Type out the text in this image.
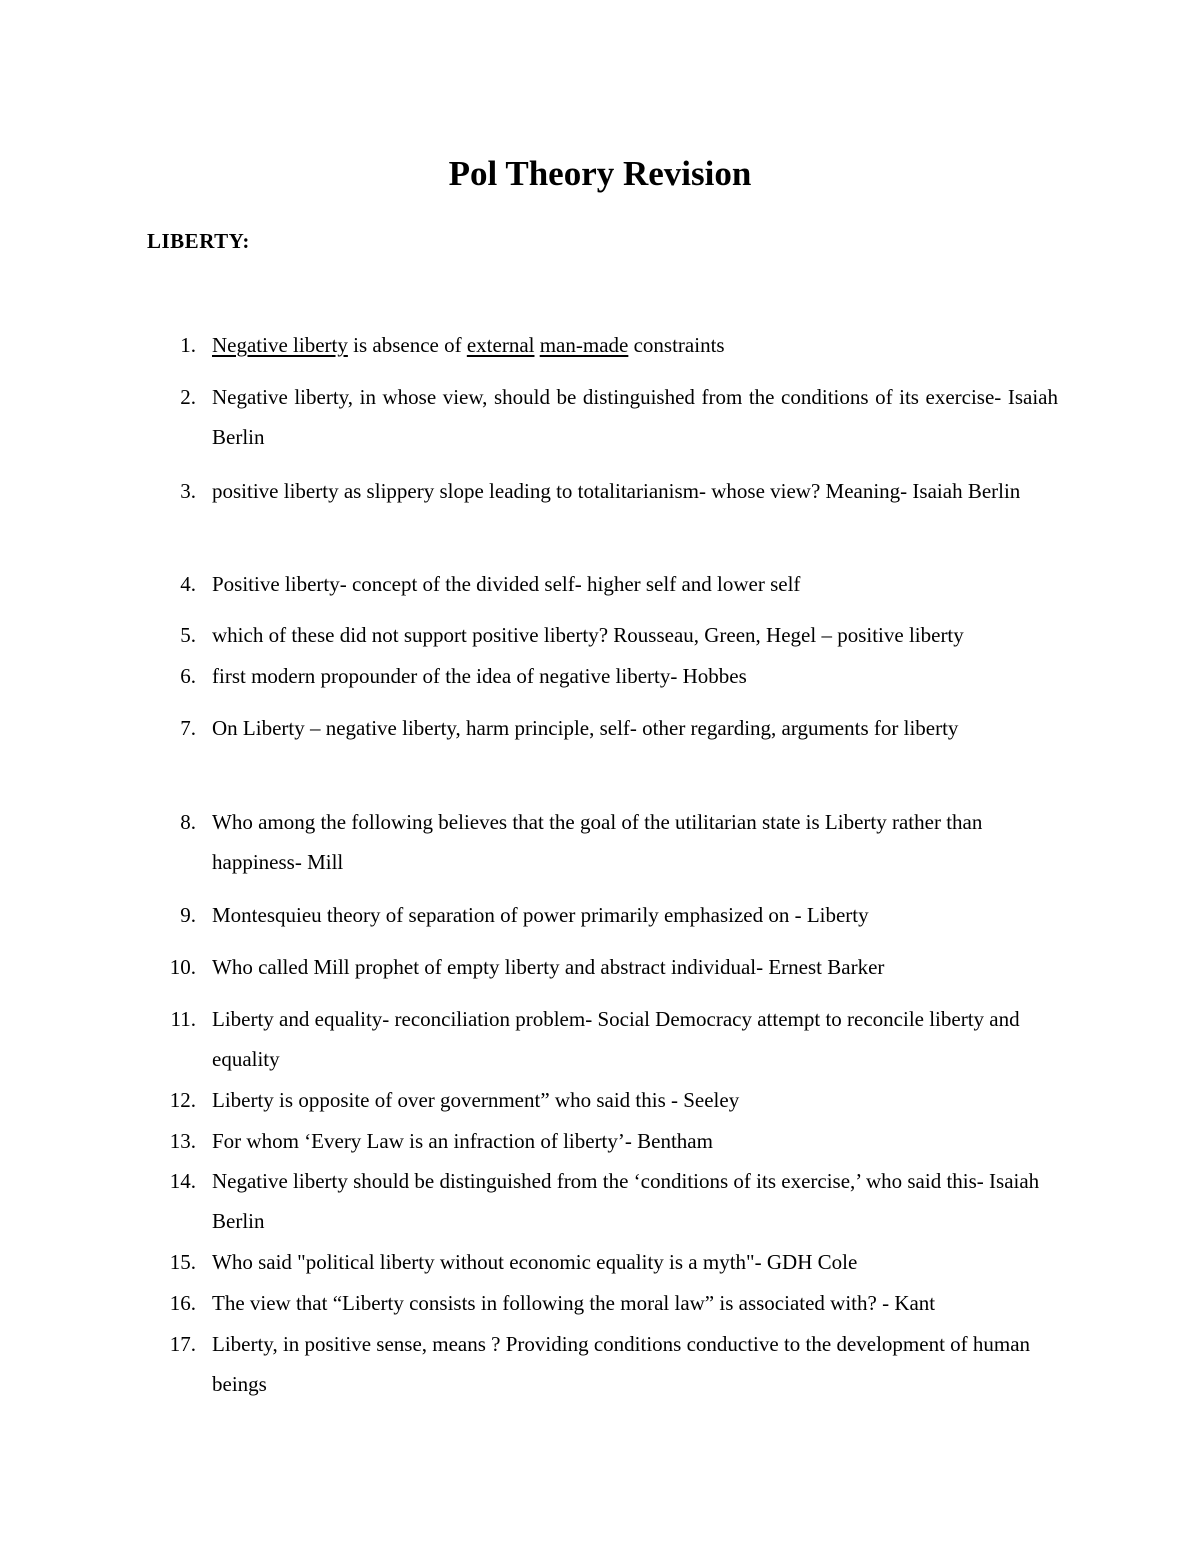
Pol Theory Revision
LIBERTY:
1. Negative liberty is absence of external man-made constraints
2. Negative liberty, in whose view, should be distinguished from the conditions of its exercise- Isaiah Berlin
3. positive liberty as slippery slope leading to totalitarianism- whose view? Meaning- Isaiah Berlin
4. Positive liberty- concept of the divided self- higher self and lower self
5. which of these did not support positive liberty? Rousseau, Green, Hegel – positive liberty
6. first modern propounder of the idea of negative liberty- Hobbes
7. On Liberty – negative liberty, harm principle, self- other regarding, arguments for liberty
8. Who among the following believes that the goal of the utilitarian state is Liberty rather than happiness- Mill
9. Montesquieu theory of separation of power primarily emphasized on - Liberty
10. Who called Mill prophet of empty liberty and abstract individual- Ernest Barker
11. Liberty and equality- reconciliation problem- Social Democracy attempt to reconcile liberty and equality
12. Liberty is opposite of over government” who said this - Seeley
13. For whom ‘Every Law is an infraction of liberty’- Bentham
14. Negative liberty should be distinguished from the ‘conditions of its exercise,’ who said this- Isaiah Berlin
15. Who said "political liberty without economic equality is a myth"- GDH Cole
16. The view that “Liberty consists in following the moral law” is associated with? - Kant
17. Liberty, in positive sense, means ? Providing conditions conductive to the development of human beings
